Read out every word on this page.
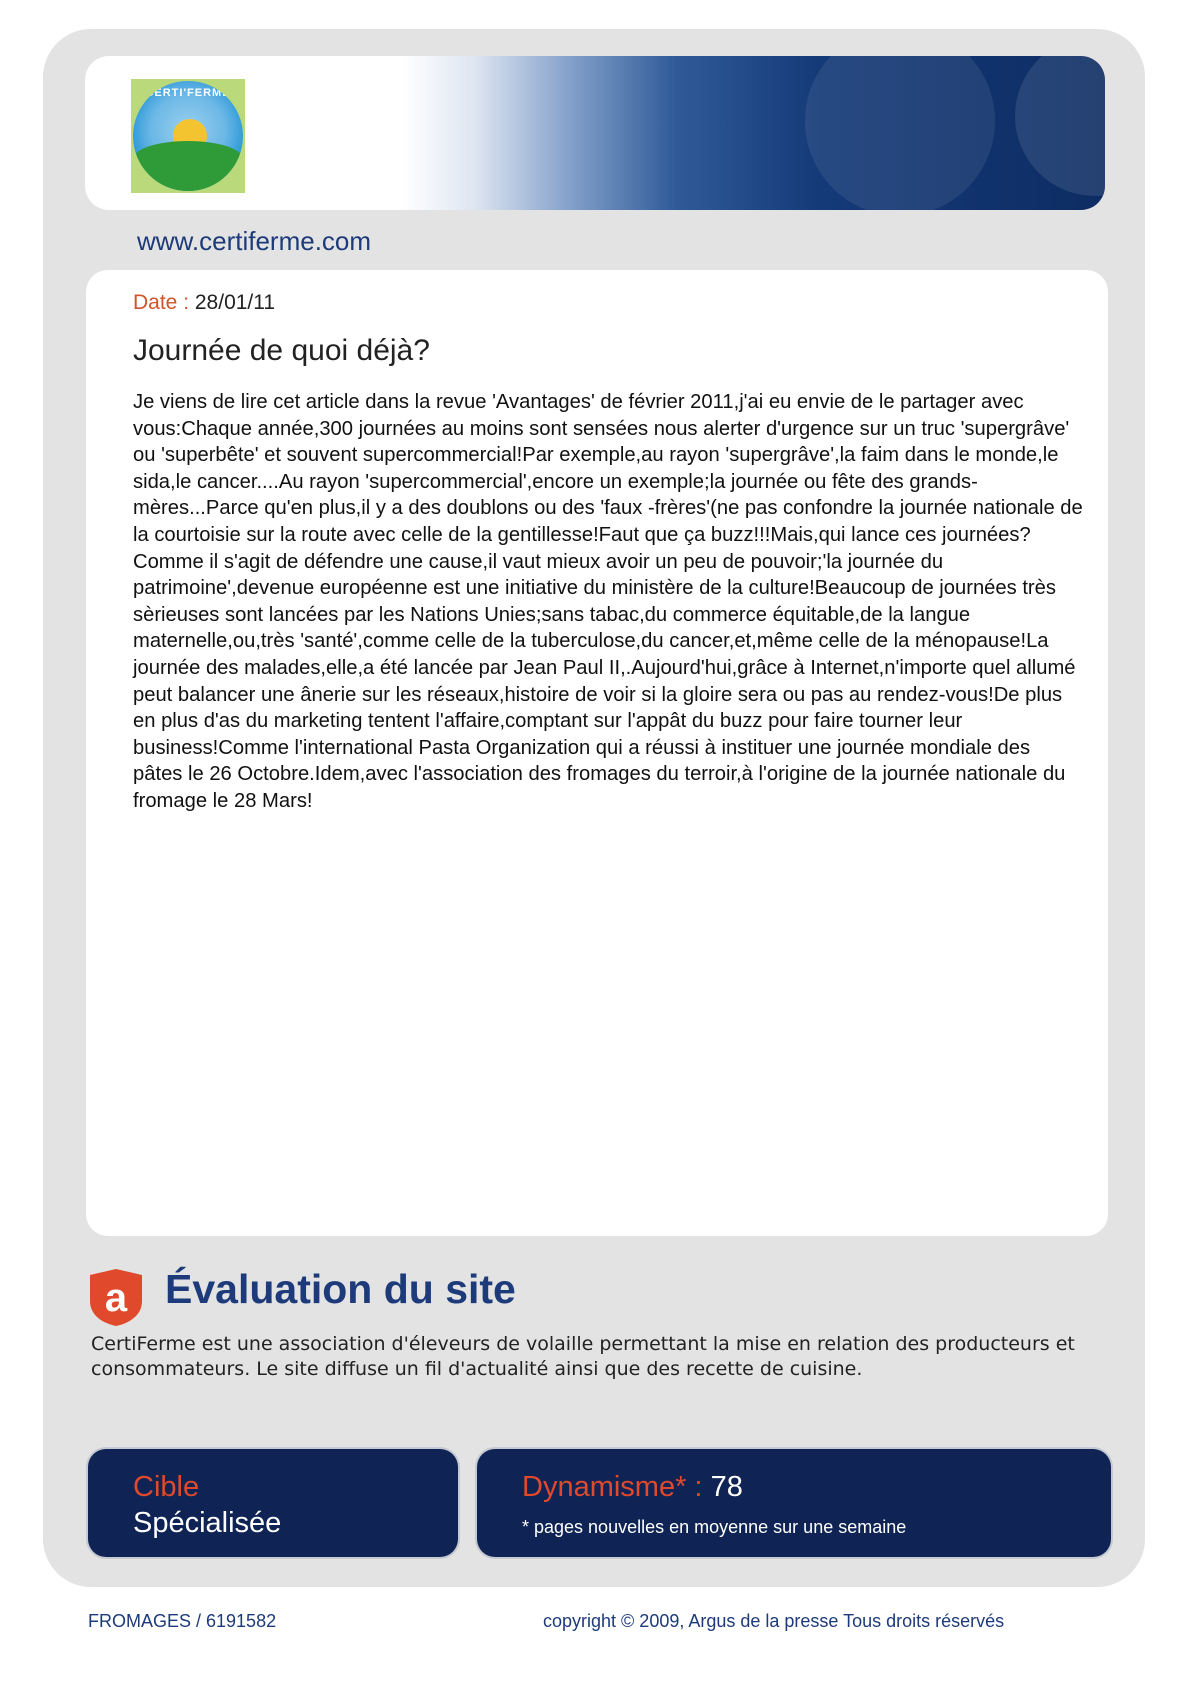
CERTI'FERME
www.certiferme.com
Date : 28/01/11
Journée de quoi déjà?

Je viens de lire cet article dans la revue 'Avantages' de février 2011,j'ai eu envie de le partager avec vous:Chaque année,300 journées au moins sont sensées nous alerter d'urgence sur un truc 'supergrâve' ou 'superbête' et souvent supercommercial!Par exemple,au rayon 'supergrâve',la faim dans le monde,le sida,le cancer....Au rayon 'supercommercial',encore un exemple;la journée ou fête des grands-mères...Parce qu'en plus,il y a des doublons ou des 'faux -frères'(ne pas confondre la journée nationale de la courtoisie sur la route avec celle de la gentillesse!Faut que ça buzz!!!Mais,qui lance ces journées?Comme il s'agit de défendre une cause,il vaut mieux avoir un peu de pouvoir;'la journée du patrimoine',devenue européenne est une initiative du ministère de la culture!Beaucoup de journées très sèrieuses sont lancées par les Nations Unies;sans tabac,du commerce équitable,de la langue maternelle,ou,très 'santé',comme celle de la tuberculose,du cancer,et,même celle de la ménopause!La journée des malades,elle,a été lancée par Jean Paul II,.Aujourd'hui,grâce à Internet,n'importe quel allumé peut balancer une ânerie sur les réseaux,histoire de voir si la gloire sera ou pas au rendez-vous!De plus en plus d'as du marketing tentent l'affaire,comptant sur l'appât du buzz pour faire tourner leur business!Comme l'international Pasta Organization qui a réussi à instituer une journée mondiale des pâtes le 26 Octobre.Idem,avec l'association des fromages du terroir,à l'origine de la journée nationale du fromage le 28 Mars!

a Évaluation du site

CertiFerme est une association d'éleveurs de volaille permettant la mise en relation des producteurs et consommateurs. Le site diffuse un fil d'actualité ainsi que des recette de cuisine.

Cible
Spécialisée
Dynamisme* : 78
* pages nouvelles en moyenne sur une semaine
FROMAGES / 6191582	copyright © 2009, Argus de la presse Tous droits réservés
